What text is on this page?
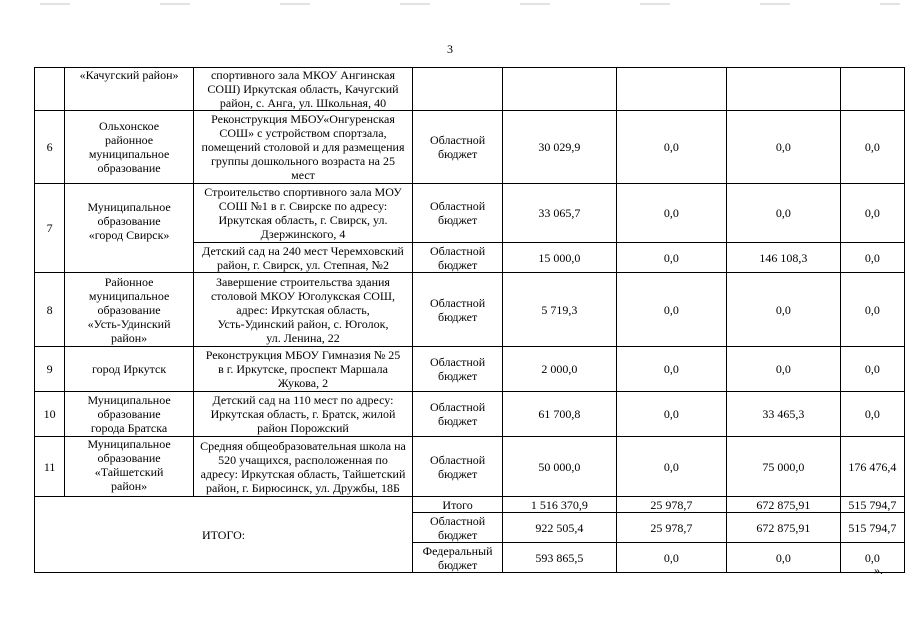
3
	«Качугский район»	спортивного зала МКОУ Ангинская
СОШ) Иркутская область, Качугский
район, с. Анга, ул. Школьная, 40					
6	Ольхонское
районное
муниципальное
образование	Реконструкция МБОУ«Онгуренская
СОШ» с устройством спортзала,
помещений столовой и для размещения
группы дошкольного возраста на 25
мест	Областной
бюджет	30 029,9	0,0	0,0	0,0
7	Муниципальное
образование
«город Свирск»	Строительство спортивного зала МОУ
СОШ №1 в г. Свирске по адресу:
Иркутская область, г. Свирск, ул.
Дзержинского, 4	Областной
бюджет	33 065,7	0,0	0,0	0,0
		Детский сад на 240 мест Черемховский
район, г. Свирск, ул. Степная, №2	Областной
бюджет	15 000,0	0,0	146 108,3	0,0
8	Районное
муниципальное
образование
«Усть-Удинский
район»	Завершение строительства здания
столовой МКОУ Юголукская СОШ,
адрес: Иркутская область,
Усть-Удинский район, с. Юголок,
ул. Ленина, 22	Областной
бюджет	5 719,3	0,0	0,0	0,0
9	город Иркутск	Реконструкция МБОУ Гимназия № 25
в г. Иркутске, проспект Маршала
Жукова, 2	Областной
бюджет	2 000,0	0,0	0,0	0,0
10	Муниципальное
образование
города Братска	Детский сад на 110 мест по адресу:
Иркутская область, г. Братск, жилой
район Порожский	Областной
бюджет	61 700,8	0,0	33 465,3	0,0
11	Муниципальное
образование
«Тайшетский
район»	Средняя общеобразовательная школа на
520 учащихся, расположенная по
адресу: Иркутская область, Тайшетский
район, г. Бирюсинск, ул. Дружбы, 18Б	Областной
бюджет	50 000,0	0,0	75 000,0	176 476,4
ИТОГО:			Итого	1 516 370,9	25 978,7	672 875,91	515 794,7
			Областной
бюджет	922 505,4	25 978,7	672 875,91	515 794,7
			Федеральный
бюджет	593 865,5	0,0	0,0	0,0
».
